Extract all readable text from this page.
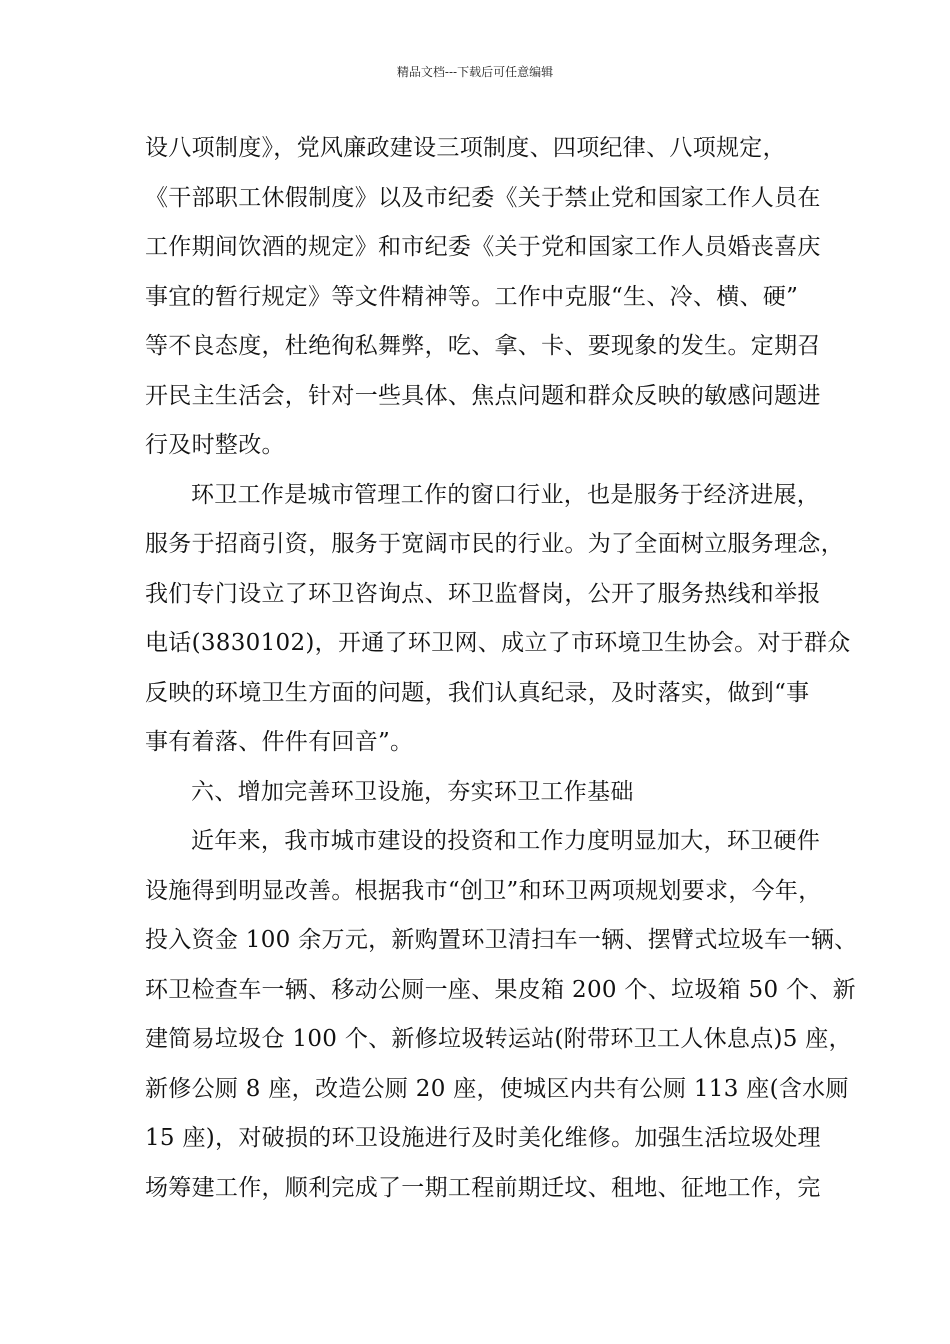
精品文档---下载后可任意编辑

设八项制度》，党风廉政建设三项制度、四项纪律、八项规定，
《干部职工休假制度》以及市纪委《关于禁止党和国家工作人员在
工作期间饮酒的规定》和市纪委《关于党和国家工作人员婚丧喜庆
事宜的暂行规定》等文件精神等。工作中克服“生、冷、横、硬”
等不良态度，杜绝徇私舞弊，吃、拿、卡、要现象的发生。定期召
开民主生活会，针对一些具体、焦点问题和群众反映的敏感问题进
行及时整改。

环卫工作是城市管理工作的窗口行业，也是服务于经济进展，
服务于招商引资，服务于宽阔市民的行业。为了全面树立服务理念，
我们专门设立了环卫咨询点、环卫监督岗，公开了服务热线和举报
电话(3830102)，开通了环卫网、成立了市环境卫生协会。对于群众
反映的环境卫生方面的问题，我们认真纪录，及时落实，做到“事
事有着落、件件有回音”。

六、增加完善环卫设施，夯实环卫工作基础

近年来，我市城市建设的投资和工作力度明显加大，环卫硬件
设施得到明显改善。根据我市“创卫”和环卫两项规划要求，今年，
投入资金 100 余万元，新购置环卫清扫车一辆、摆臂式垃圾车一辆、
环卫检查车一辆、移动公厕一座、果皮箱 200 个、垃圾箱 50 个、新
建简易垃圾仓 100 个、新修垃圾转运站(附带环卫工人休息点)5 座，
新修公厕 8 座，改造公厕 20 座，使城区内共有公厕 113 座(含水厕
15 座)，对破损的环卫设施进行及时美化维修。加强生活垃圾处理
场筹建工作，顺利完成了一期工程前期迁坟、租地、征地工作，完
